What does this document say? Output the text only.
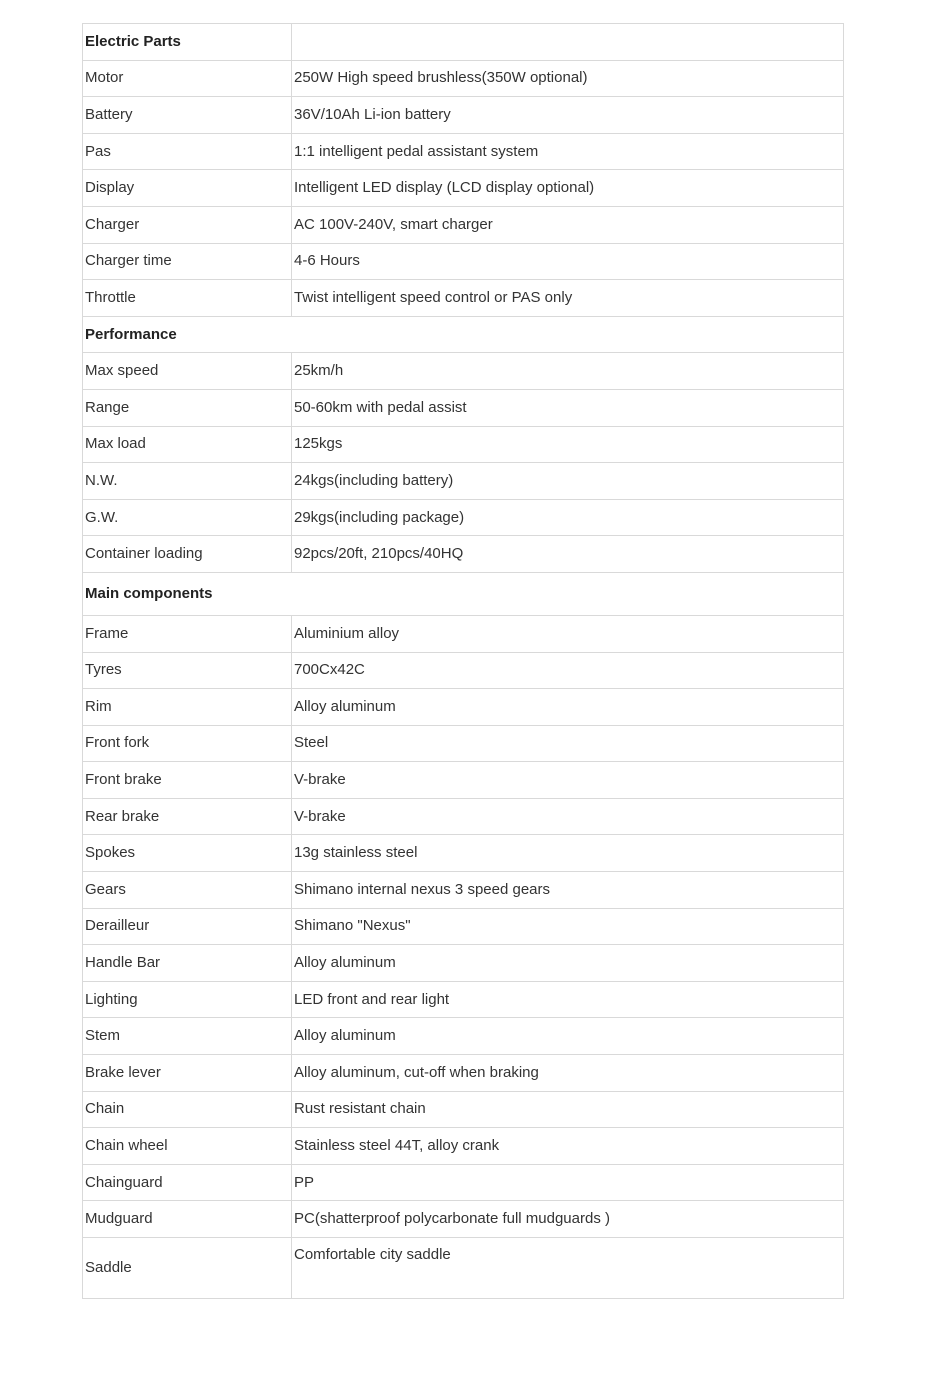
Electric Parts	
Motor	250W High speed brushless(350W optional)
Battery	36V/10Ah Li-ion battery
Pas	1:1 intelligent pedal assistant system
Display	Intelligent LED display (LCD display optional)
Charger	AC 100V-240V, smart charger
Charger time	4-6 Hours
Throttle	Twist intelligent speed control or PAS only
Performance	
Max speed	25km/h
Range	50-60km with pedal assist
Max load	125kgs
N.W.	24kgs(including battery)
G.W.	29kgs(including package)
Container loading	92pcs/20ft, 210pcs/40HQ
Main components	
Frame	Aluminium alloy
Tyres	700Cx42C
Rim	Alloy aluminum
Front fork	Steel
Front brake	V-brake
Rear brake	V-brake
Spokes	13g stainless steel
Gears	Shimano internal nexus 3 speed gears
Derailleur	Shimano "Nexus"
Handle Bar	Alloy aluminum
Lighting	LED front and rear light
Stem	Alloy aluminum
Brake lever	Alloy aluminum, cut-off when braking
Chain	Rust resistant chain
Chain wheel	Stainless steel 44T, alloy crank
Chainguard	PP
Mudguard	PC(shatterproof polycarbonate full mudguards )
Saddle	Comfortable city saddle
